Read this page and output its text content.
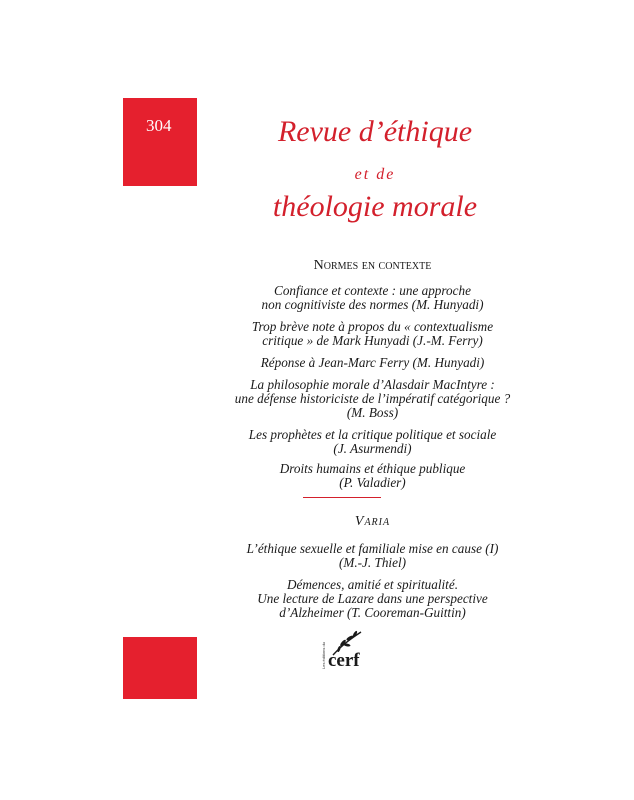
304	Revue d’éthique
et de
théologie morale
Normes en contexte
Confiance et contexte : une approche
non cognitiviste des normes (M. Hunyadi)
Trop brève note à propos du « contextualisme
critique » de Mark Hunyadi (J.-M. Ferry)
Réponse à Jean-Marc Ferry (M. Hunyadi)
La philosophie morale d’Alasdair MacIntyre :
une défense historiciste de l’impératif catégorique ?
(M. Boss)
Les prophètes et la critique politique et sociale
(J. Asurmendi)
Droits humains et éthique publique
(P. Valadier)
Varia
L’éthique sexuelle et familiale mise en cause (I)
(M.-J. Thiel)
Démences, amitié et spiritualité.
Une lecture de Lazare dans une perspective
d’Alzheimer (T. Cooreman-Guittin)
Les éditions du cerf
